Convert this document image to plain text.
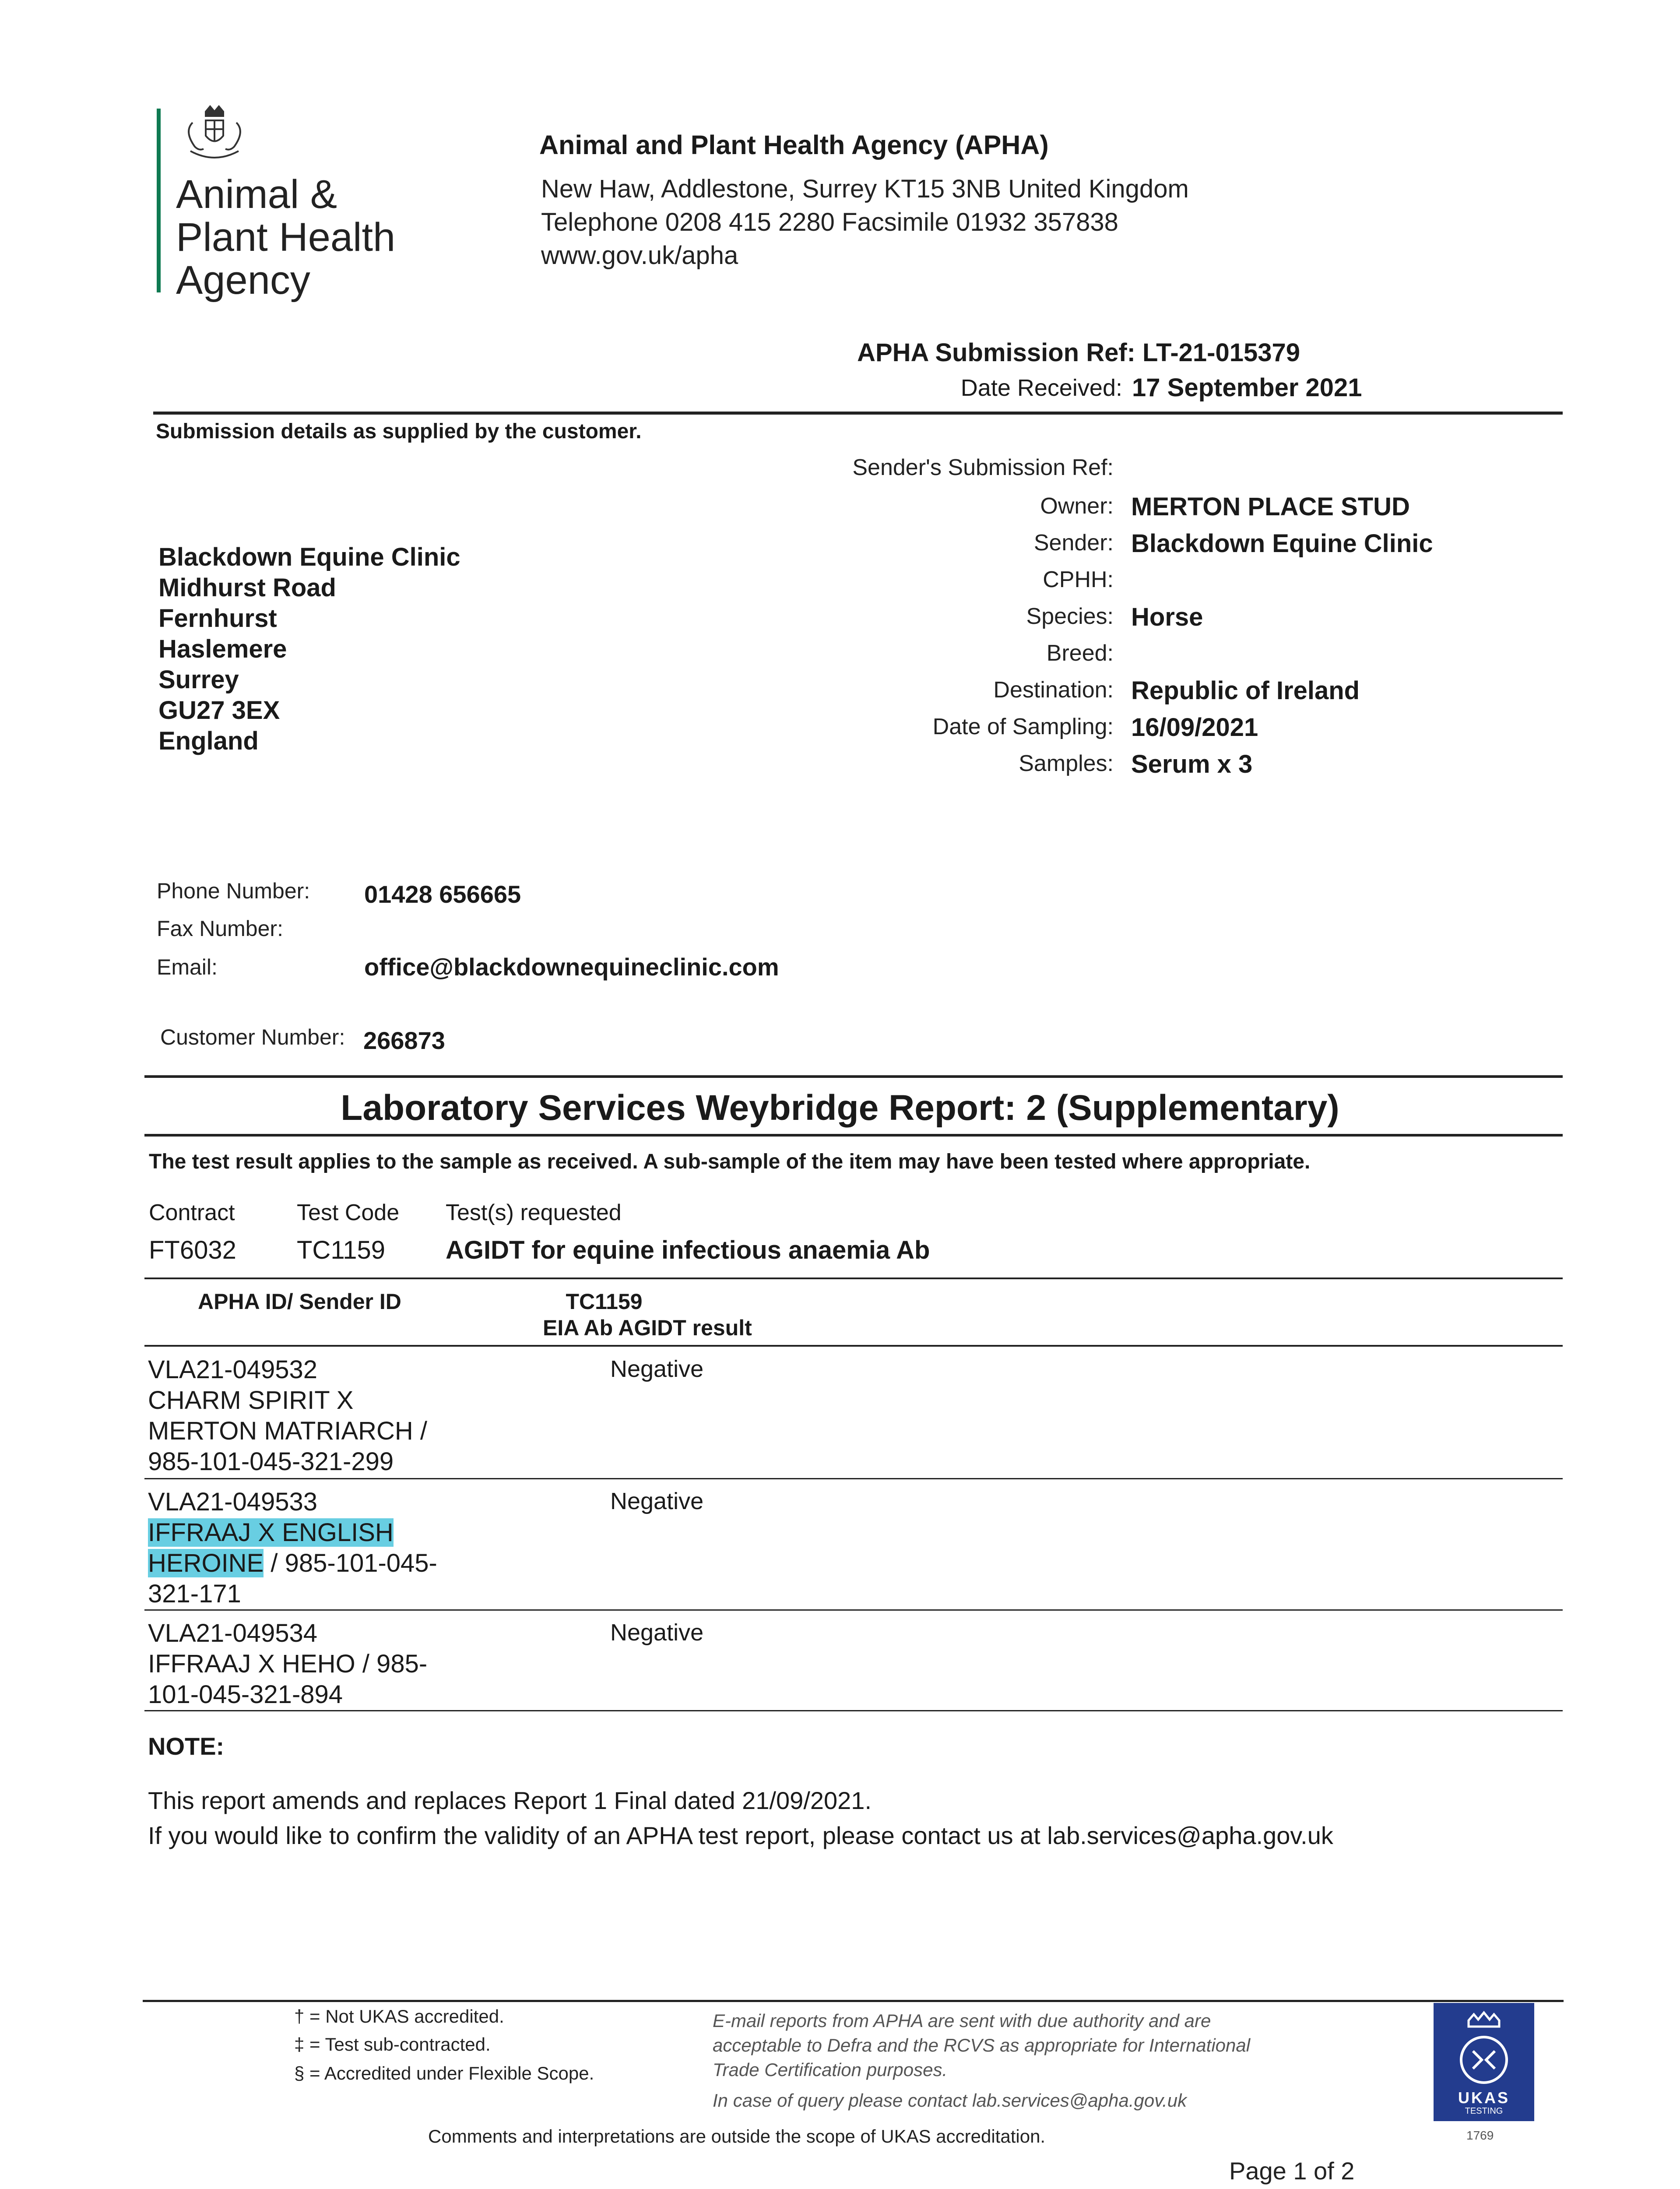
Animal &
Plant Health
Agency
Animal and Plant Health Agency (APHA)
New Haw, Addlestone, Surrey KT15 3NB United Kingdom
Telephone 0208 415 2280 Facsimile 01932 357838
www.gov.uk/apha
APHA Submission Ref: LT-21-015379
Date Received: 17 September 2021
Submission details as supplied by the customer.
Sender's Submission Ref:
Owner: MERTON PLACE STUD
Sender: Blackdown Equine Clinic
CPHH:
Species: Horse
Breed:
Destination: Republic of Ireland
Date of Sampling: 16/09/2021
Samples: Serum x 3
Blackdown Equine Clinic
Midhurst Road
Fernhurst
Haslemere
Surrey
GU27 3EX
England
Phone Number: 01428 656665
Fax Number:
Email:	office@blackdownequineclinic.com
Customer Number: 266873
Laboratory Services Weybridge Report: 2 (Supplementary)
The test result applies to the sample as received. A sub-sample of the item may have been tested where appropriate.
Contract	Test Code Test(s) requested
FT6032 TC1159 AGIDT for equine infectious anaemia Ab
APHA ID/ Sender ID	TC1159
EIA Ab AGIDT result
VLA21-049532
CHARM SPIRIT X
MERTON MATRIARCH /
985-101-045-321-299
Negative
VLA21-049533
IFFRAAJ X ENGLISH
HEROINE / 985-101-045-
321-171
Negative
VLA21-049534
IFFRAAJ X HEHO / 985-
101-045-321-894
Negative
NOTE:
This report amends and replaces Report 1 Final dated 21/09/2021.
If you would like to confirm the validity of an APHA test report, please contact us at lab.services@apha.gov.uk
† = Not UKAS accredited.
‡ = Test sub-contracted.
§ = Accredited under Flexible Scope.
E-mail reports from APHA are sent with due authority and are
acceptable to Defra and the RCVS as appropriate for International
Trade Certification purposes.
In case of query please contact lab.services@apha.gov.uk
Comments and interpretations are outside the scope of UKAS accreditation.
UKAS
TESTING
1769
Page 1 of 2
